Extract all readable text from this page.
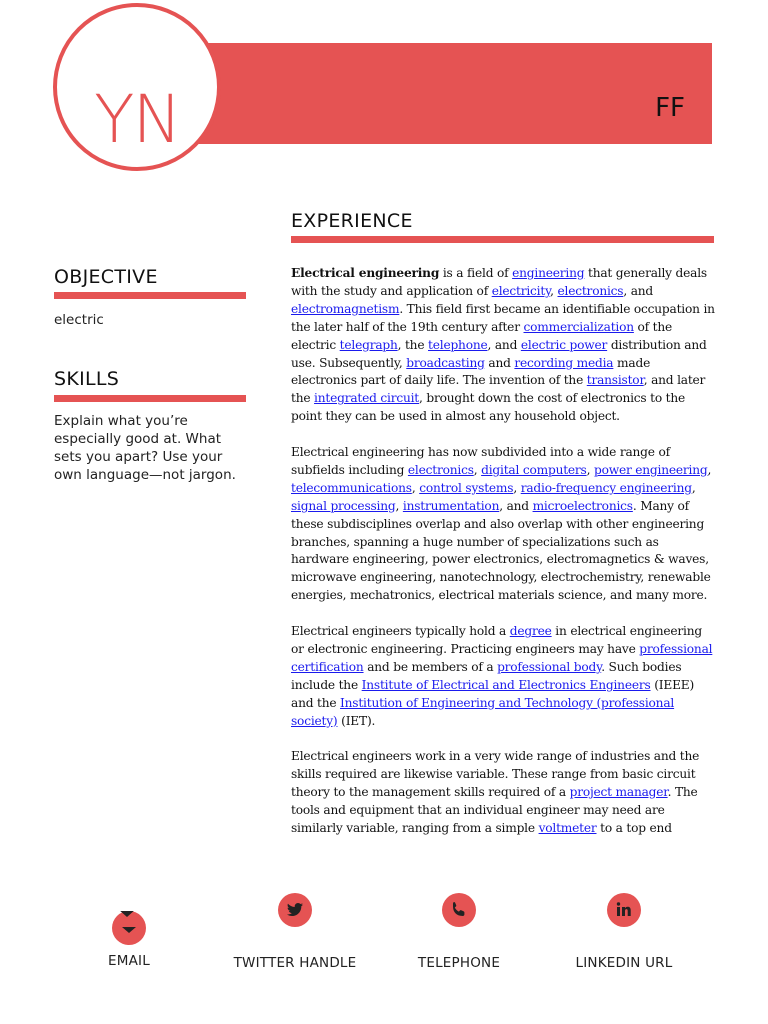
FF
YN
OBJECTIVE
electric
SKILLS
Explain what you’re especially good at. What sets you apart? Use your own language—not jargon.
EXPERIENCE

Electrical engineering is a field of engineering that generally deals with the study and application of electricity, electronics, and electromagnetism. This field first became an identifiable occupation in the later half of the 19th century after commercialization of the electric telegraph, the telephone, and electric power distribution and use. Subsequently, broadcasting and recording media made electronics part of daily life. The invention of the transistor, and later the integrated circuit, brought down the cost of electronics to the point they can be used in almost any household object.

Electrical engineering has now subdivided into a wide range of subfields including electronics, digital computers, power engineering, telecommunications, control systems, radio-frequency engineering, signal processing, instrumentation, and microelectronics. Many of these subdisciplines overlap and also overlap with other engineering branches, spanning a huge number of specializations such as hardware engineering, power electronics, electromagnetics & waves, microwave engineering, nanotechnology, electrochemistry, renewable energies, mechatronics, electrical materials science, and many more.

Electrical engineers typically hold a degree in electrical engineering or electronic engineering. Practicing engineers may have professional certification and be members of a professional body. Such bodies include the Institute of Electrical and Electronics Engineers (IEEE) and the Institution of Engineering and Technology (professional society) (IET).

Electrical engineers work in a very wide range of industries and the skills required are likewise variable. These range from basic circuit theory to the management skills required of a project manager. The tools and equipment that an individual engineer may need are similarly variable, ranging from a simple voltmeter to a top end

EMAIL	TWITTER HANDLE	TELEPHONE	LINKEDIN URL
